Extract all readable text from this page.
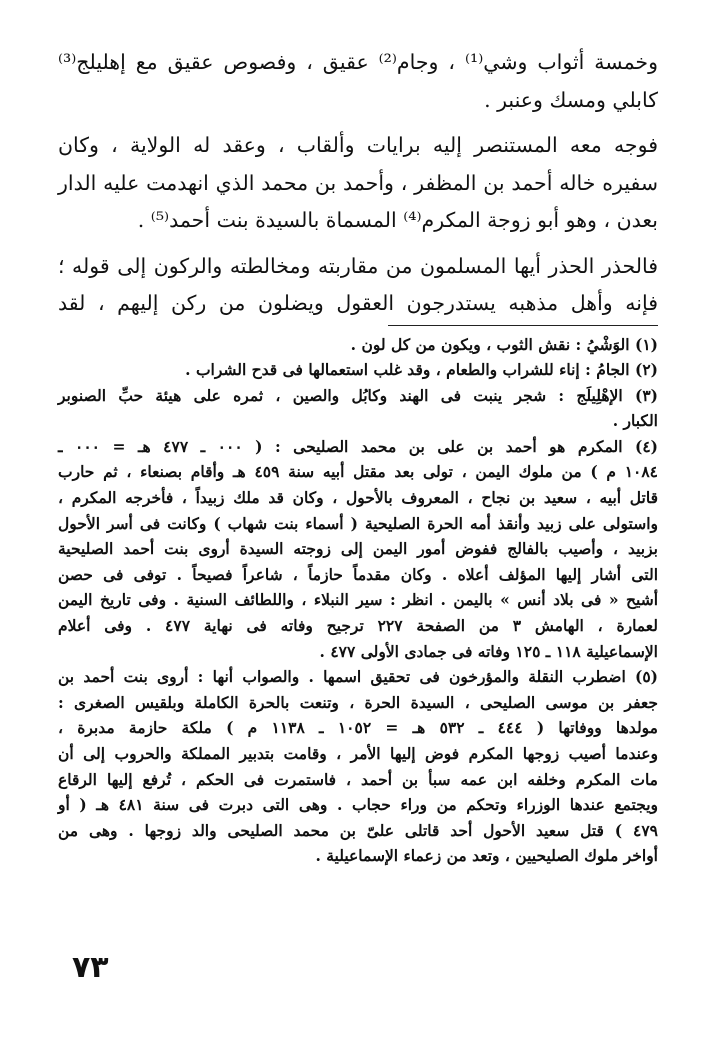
وخمسة أثواب وشي⁽¹⁾ ، وجام⁽²⁾ عقيق ، وفصوص عقيق مع إهليلج⁽³⁾
كابلي ومسك وعنبر .
فوجه معه المستنصر إليه برايات وألقاب ، وعقد له الولاية ، وكان
سفيره خاله أحمد بن المظفر ، وأحمد بن محمد الذي انهدمت عليه الدار
بعدن ، وهو أبو زوجة المكرم⁽⁴⁾ المسماة بالسيدة بنت أحمد⁽⁵⁾ .
فالحذر الحذر أيها المسلمون من مقاربته ومخالطته والركون إلى قوله ؛
فإنه وأهل مذهبه يستدرجون العقول ويضلون من ركن إليهم ، لقد
(١) الوَشْيُ : نقش الثوب ، ويكون من كل لون .
(٢) الجامُ : إناء للشراب والطعام ، وقد غلب استعمالها فى قدح الشراب .
(٣) الإهْلِيلَج : شجر ينبت فى الهند وكابُل والصين ، ثمره على هيئة حبِّ الصنوبر
الكبار .
(٤) المكرم هو أحمد بن على بن محمد الصليحى : ( ٠٠٠ ـ ٤٧٧ هـ = ٠٠٠ ـ
١٠٨٤ م ) من ملوك اليمن ، تولى بعد مقتل أبيه سنة ٤٥٩ هـ وأقام بصنعاء ، ثم حارب
قاتل أبيه ، سعيد بن نجاح ، المعروف بالأحول ، وكان قد ملك زبيداً ، فأخرجه المكرم ،
واستولى على زبيد وأنقذ أمه الحرة الصليحية ( أسماء بنت شهاب ) وكانت فى أسر الأحول
بزبيد ، وأصيب بالفالج ففوض أمور اليمن إلى زوجته السيدة أروى بنت أحمد الصليحية
التى أشار إليها المؤلف أعلاه . وكان مقدماً حازماً ، شاعراً فصيحاً . توفى فى حصن
أشيح « فى بلاد أنس » باليمن . انظر : سير النبلاء ، واللطائف السنية . وفى تاريخ اليمن
لعمارة ، الهامش ٣ من الصفحة ٢٢٧ ترجيح وفاته فى نهاية ٤٧٧ . وفى أعلام
الإسماعيلية ١١٨ ـ ١٢٥ وفاته فى جمادى الأولى ٤٧٧ .
(٥) اضطرب النقلة والمؤرخون فى تحقيق اسمها . والصواب أنها : أروى بنت أحمد بن
جعفر بن موسى الصليحى ، السيدة الحرة ، وتنعت بالحرة الكاملة وبلقيس الصغرى :
مولدها ووفاتها ( ٤٤٤ ـ ٥٣٢ هـ = ١٠٥٢ ـ ١١٣٨ م ) ملكة حازمة مدبرة ،
وعندما أصيب زوجها المكرم فوض إليها الأمر ، وقامت بتدبير المملكة والحروب إلى أن
مات المكرم وخلفه ابن عمه سبأ بن أحمد ، فاستمرت فى الحكم ، تُرفع إليها الرقاع
ويجتمع عندها الوزراء وتحكم من وراء حجاب . وهى التى دبرت فى سنة ٤٨١ هـ ( أو
٤٧٩ ) قتل سعيد الأحول أحد قاتلى علىّ بن محمد الصليحى والد زوجها . وهى من
أواخر ملوك الصليحيين ، وتعد من زعماء الإسماعيلية .
٧٣
